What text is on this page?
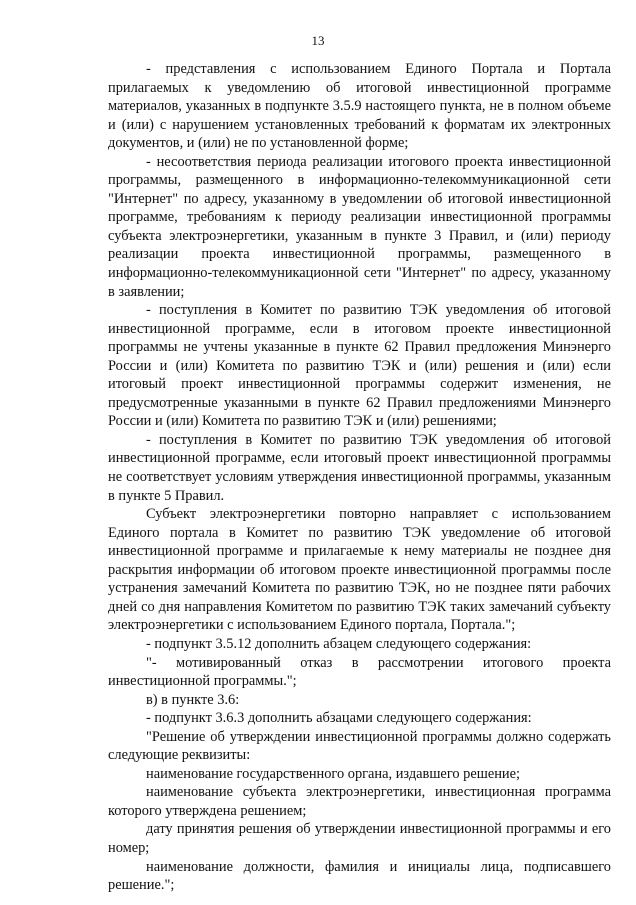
13

- представления с использованием Единого Портала и Портала прилагаемых к уведомлению об итоговой инвестиционной программе материалов, указанных в подпункте 3.5.9 настоящего пункта, не в полном объеме и (или) с нарушением установленных требований к форматам их электронных документов, и (или) не по установленной форме;

- несоответствия периода реализации итогового проекта инвестиционной программы, размещенного в информационно-телекоммуникационной сети "Интернет" по адресу, указанному в уведомлении об итоговой инвестиционной программе, требованиям к периоду реализации инвестиционной программы субъекта электроэнергетики, указанным в пункте 3 Правил, и (или) периоду реализации проекта инвестиционной программы, размещенного в информационно-телекоммуникационной сети "Интернет" по адресу, указанному в заявлении;

- поступления в Комитет по развитию ТЭК уведомления об итоговой инвестиционной программе, если в итоговом проекте инвестиционной программы не учтены указанные в пункте 62 Правил предложения Минэнерго России и (или) Комитета по развитию ТЭК и (или) решения и (или) если итоговый проект инвестиционной программы содержит изменения, не предусмотренные указанными в пункте 62 Правил предложениями Минэнерго России и (или) Комитета по развитию ТЭК и (или) решениями;

- поступления в Комитет по развитию ТЭК уведомления об итоговой инвестиционной программе, если итоговый проект инвестиционной программы не соответствует условиям утверждения инвестиционной программы, указанным в пункте 5 Правил.

Субъект электроэнергетики повторно направляет с использованием Единого портала в Комитет по развитию ТЭК уведомление об итоговой инвестиционной программе и прилагаемые к нему материалы не позднее дня раскрытия информации об итоговом проекте инвестиционной программы после устранения замечаний Комитета по развитию ТЭК, но не позднее пяти рабочих дней со дня направления Комитетом по развитию ТЭК таких замечаний субъекту электроэнергетики с использованием Единого портала, Портала.";

- подпункт 3.5.12 дополнить абзацем следующего содержания:

"- мотивированный отказ в рассмотрении итогового проекта инвестиционной программы.";

в) в пункте 3.6:

- подпункт 3.6.3 дополнить абзацами следующего содержания:

"Решение об утверждении инвестиционной программы должно содержать следующие реквизиты:

наименование государственного органа, издавшего решение;

наименование субъекта электроэнергетики, инвестиционная программа которого утверждена решением;

дату принятия решения об утверждении инвестиционной программы и его номер;

наименование должности, фамилия и инициалы лица, подписавшего решение.";
